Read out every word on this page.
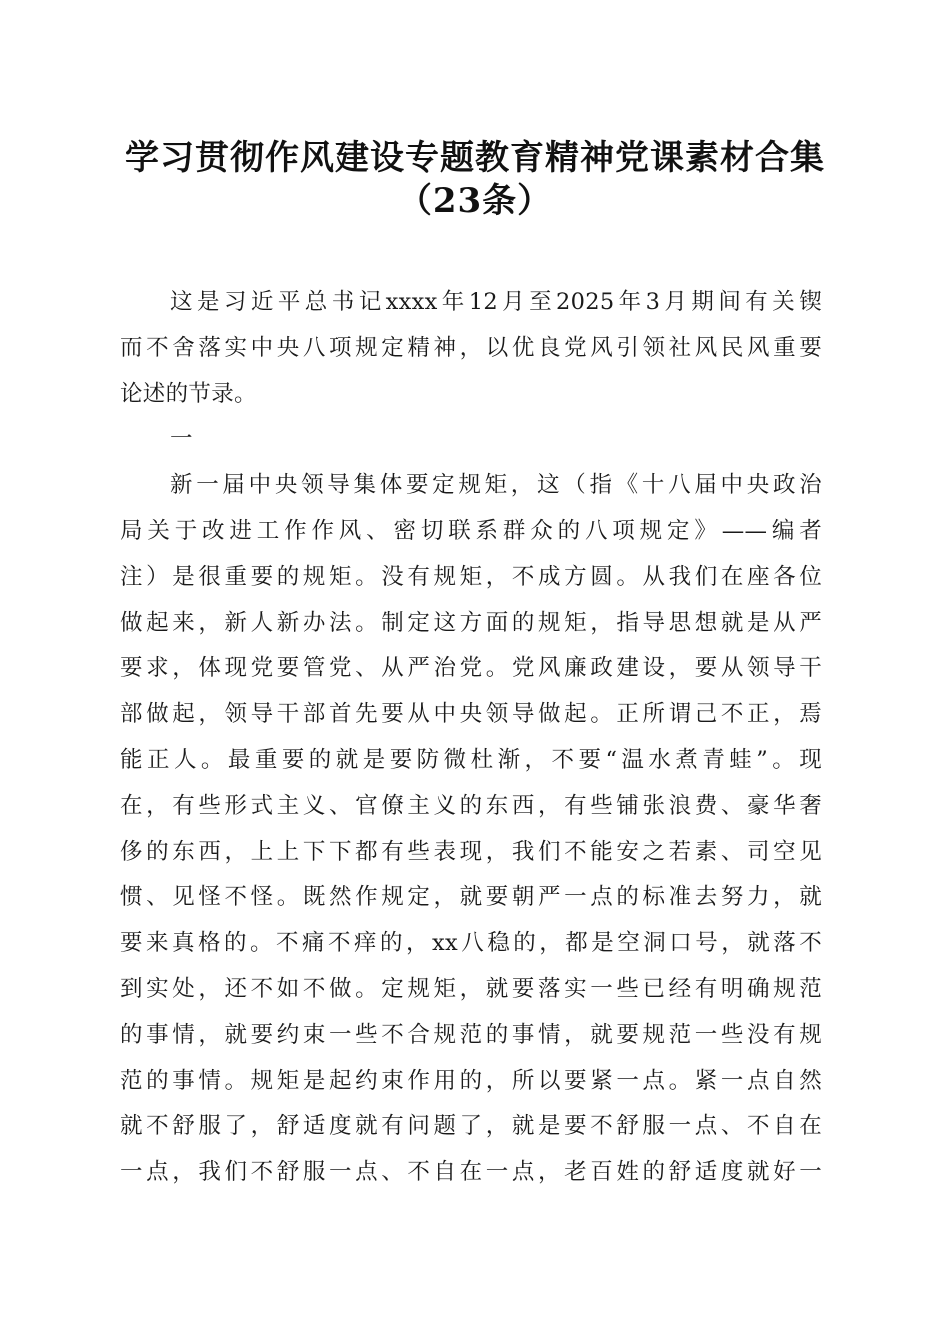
学习贯彻作风建设专题教育精神党课素材合集
（23条）
这是习近平总书记xxxx年12月至2025年3月期间有关锲
而不舍落实中央八项规定精神，以优良党风引领社风民风重要
论述的节录。
一
新一届中央领导集体要定规矩，这（指《十八届中央政治
局关于改进工作作风、密切联系群众的八项规定》——编者
注）是很重要的规矩。没有规矩，不成方圆。从我们在座各位
做起来，新人新办法。制定这方面的规矩，指导思想就是从严
要求，体现党要管党、从严治党。党风廉政建设，要从领导干
部做起，领导干部首先要从中央领导做起。正所谓己不正，焉
能正人。最重要的就是要防微杜渐，不要“温水煮青蛙”。现
在，有些形式主义、官僚主义的东西，有些铺张浪费、豪华奢
侈的东西，上上下下都有些表现，我们不能安之若素、司空见
惯、见怪不怪。既然作规定，就要朝严一点的标准去努力，就
要来真格的。不痛不痒的，xx八稳的，都是空洞口号，就落不
到实处，还不如不做。定规矩，就要落实一些已经有明确规范
的事情，就要约束一些不合规范的事情，就要规范一些没有规
范的事情。规矩是起约束作用的，所以要紧一点。紧一点自然
就不舒服了，舒适度就有问题了，就是要不舒服一点、不自在
一点，我们不舒服一点、不自在一点，老百姓的舒适度就好一
